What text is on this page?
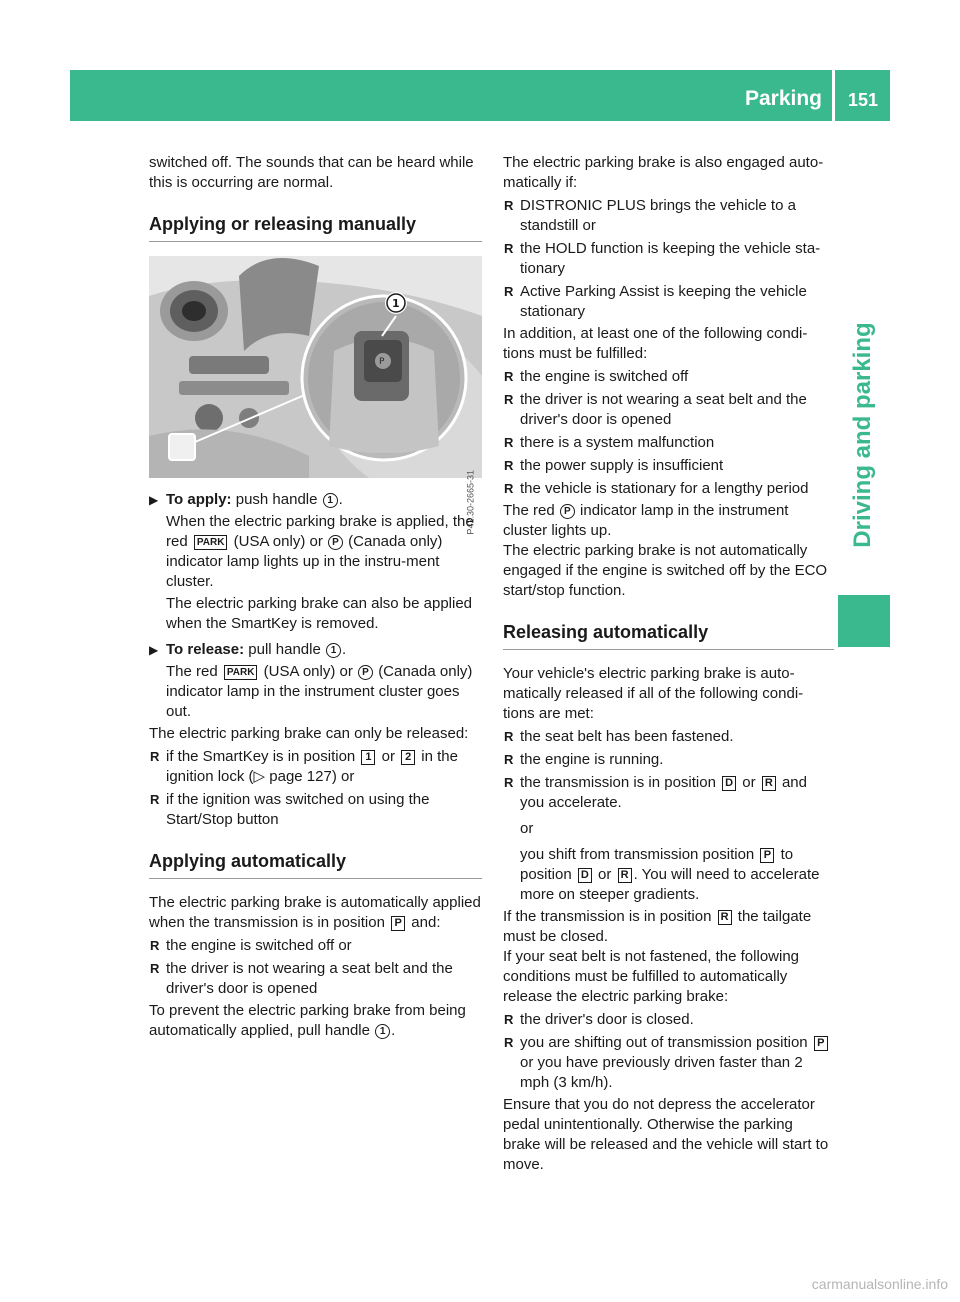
Parking	151
Driving and parking
switched off. The sounds that can be heard while this is occurring are normal.
Applying or releasing manually
P
1
P42.30-2665-31
▶ To apply: push handle 1 .
When the electric parking brake is applied, the red PARK (USA only) or P (Canada only) indicator lamp lights up in the instru-ment cluster.
The electric parking brake can also be applied when the SmartKey is removed.
▶ To release: pull handle 1 .
The red PARK (USA only) or P (Canada only) indicator lamp in the instrument cluster goes out.
The electric parking brake can only be released:
R if the SmartKey is in position 1 or 2 in the ignition lock (▷ page 127) or
R if the ignition was switched on using the Start/Stop button
Applying automatically
The electric parking brake is automatically applied when the transmission is in position P and:
R the engine is switched off or
R the driver is not wearing a seat belt and the driver's door is opened
To prevent the electric parking brake from being automatically applied, pull handle 1 .
The electric parking brake is also engaged auto-matically if:
R DISTRONIC PLUS brings the vehicle to a standstill or
R the HOLD function is keeping the vehicle sta-tionary
R Active Parking Assist is keeping the vehicle stationary
In addition, at least one of the following condi-tions must be fulfilled:
R the engine is switched off
R the driver is not wearing a seat belt and the driver's door is opened
R there is a system malfunction
R the power supply is insufficient
R the vehicle is stationary for a lengthy period
The red P indicator lamp in the instrument cluster lights up.
The electric parking brake is not automatically engaged if the engine is switched off by the ECO start/stop function.
Releasing automatically
Your vehicle's electric parking brake is auto-matically released if all of the following condi-tions are met:
R the seat belt has been fastened.
R the engine is running.
R the transmission is in position D or R and you accelerate.
or
you shift from transmission position P to position D or R . You will need to accelerate more on steeper gradients.
If the transmission is in position R the tailgate must be closed.
If your seat belt is not fastened, the following conditions must be fulfilled to automatically release the electric parking brake:
R the driver's door is closed.
R you are shifting out of transmission position P or you have previously driven faster than 2 mph (3 km/h).
Ensure that you do not depress the accelerator pedal unintentionally. Otherwise the parking brake will be released and the vehicle will start to move.
carmanualsonline.info
